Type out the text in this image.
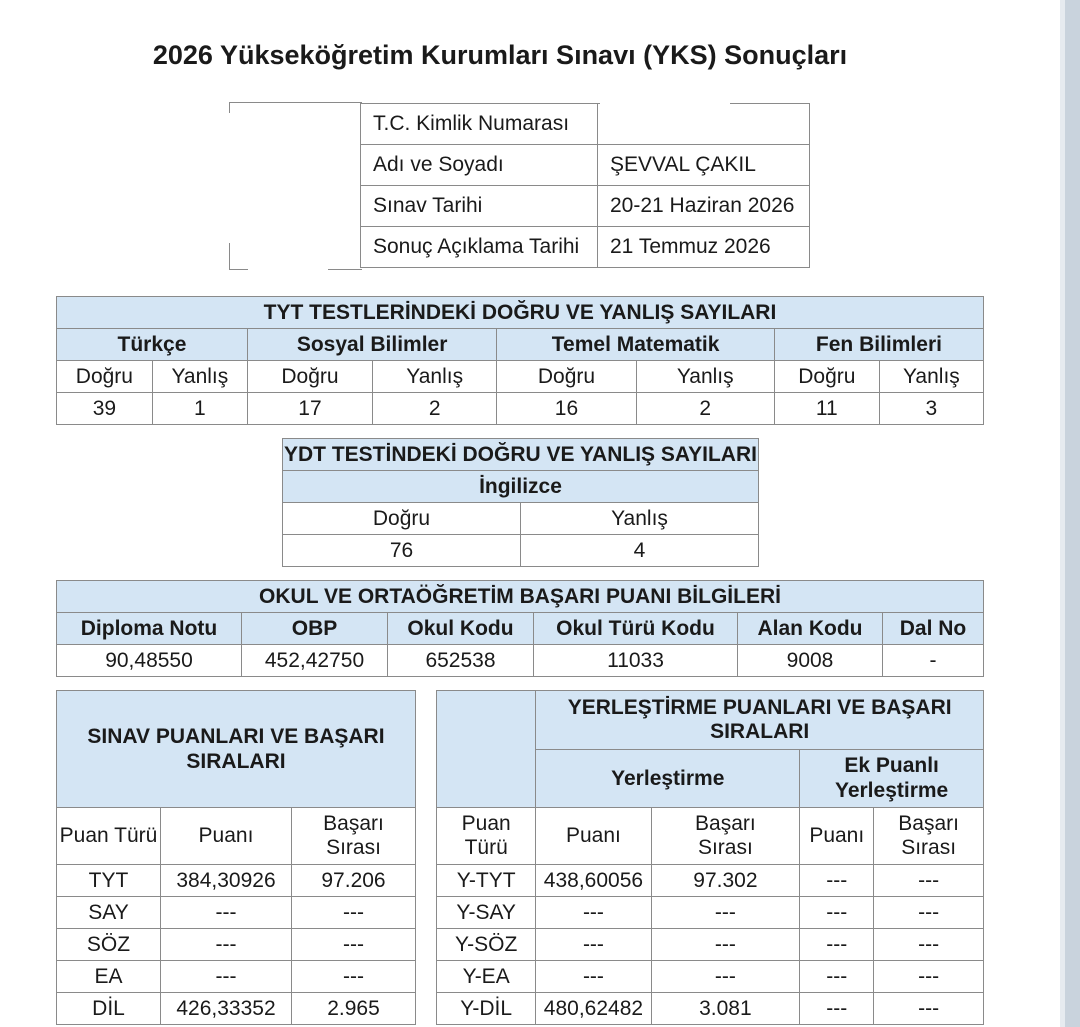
2026 Yükseköğretim Kurumları Sınavı (YKS) Sonuçları
T.C. Kimlik Numarası	
Adı ve Soyadı	ŞEVVAL ÇAKIL
Sınav Tarihi	20-21 Haziran 2026
Sonuç Açıklama Tarihi	21 Temmuz 2026
TYT TESTLERİNDEKİ DOĞRU VE YANLIŞ SAYILARI							
Türkçe		Sosyal Bilimler		Temel Matematik		Fen Bilimleri	
Doğru	Yanlış	Doğru	Yanlış	Doğru	Yanlış	Doğru	Yanlış
39	1	17	2	16	2	11	3
YDT TESTİNDEKİ DOĞRU VE YANLIŞ SAYILARI	
İngilizce	
Doğru	Yanlış
76	4
OKUL VE ORTAÖĞRETİM BAŞARI PUANI BİLGİLERİ					
Diploma Notu	OBP	Okul Kodu	Okul Türü Kodu	Alan Kodu	Dal No
90,48550	452,42750	652538	11033	9008	-
SINAV PUANLARI VE BAŞARI SIRALARI		
Puan Türü	Puanı	Başarı Sırası
TYT	384,30926	97.206
SAY	---	---
SÖZ	---	---
EA	---	---
DİL	426,33352	2.965
	YERLEŞTİRME PUANLARI VE BAŞARI SIRALARI			
	Yerleştirme		Ek Puanlı Yerleştirme	
Puan Türü	Puanı	Başarı Sırası	Puanı	Başarı Sırası
Y-TYT	438,60056	97.302	---	---
Y-SAY	---	---	---	---
Y-SÖZ	---	---	---	---
Y-EA	---	---	---	---
Y-DİL	480,62482	3.081	---	---
